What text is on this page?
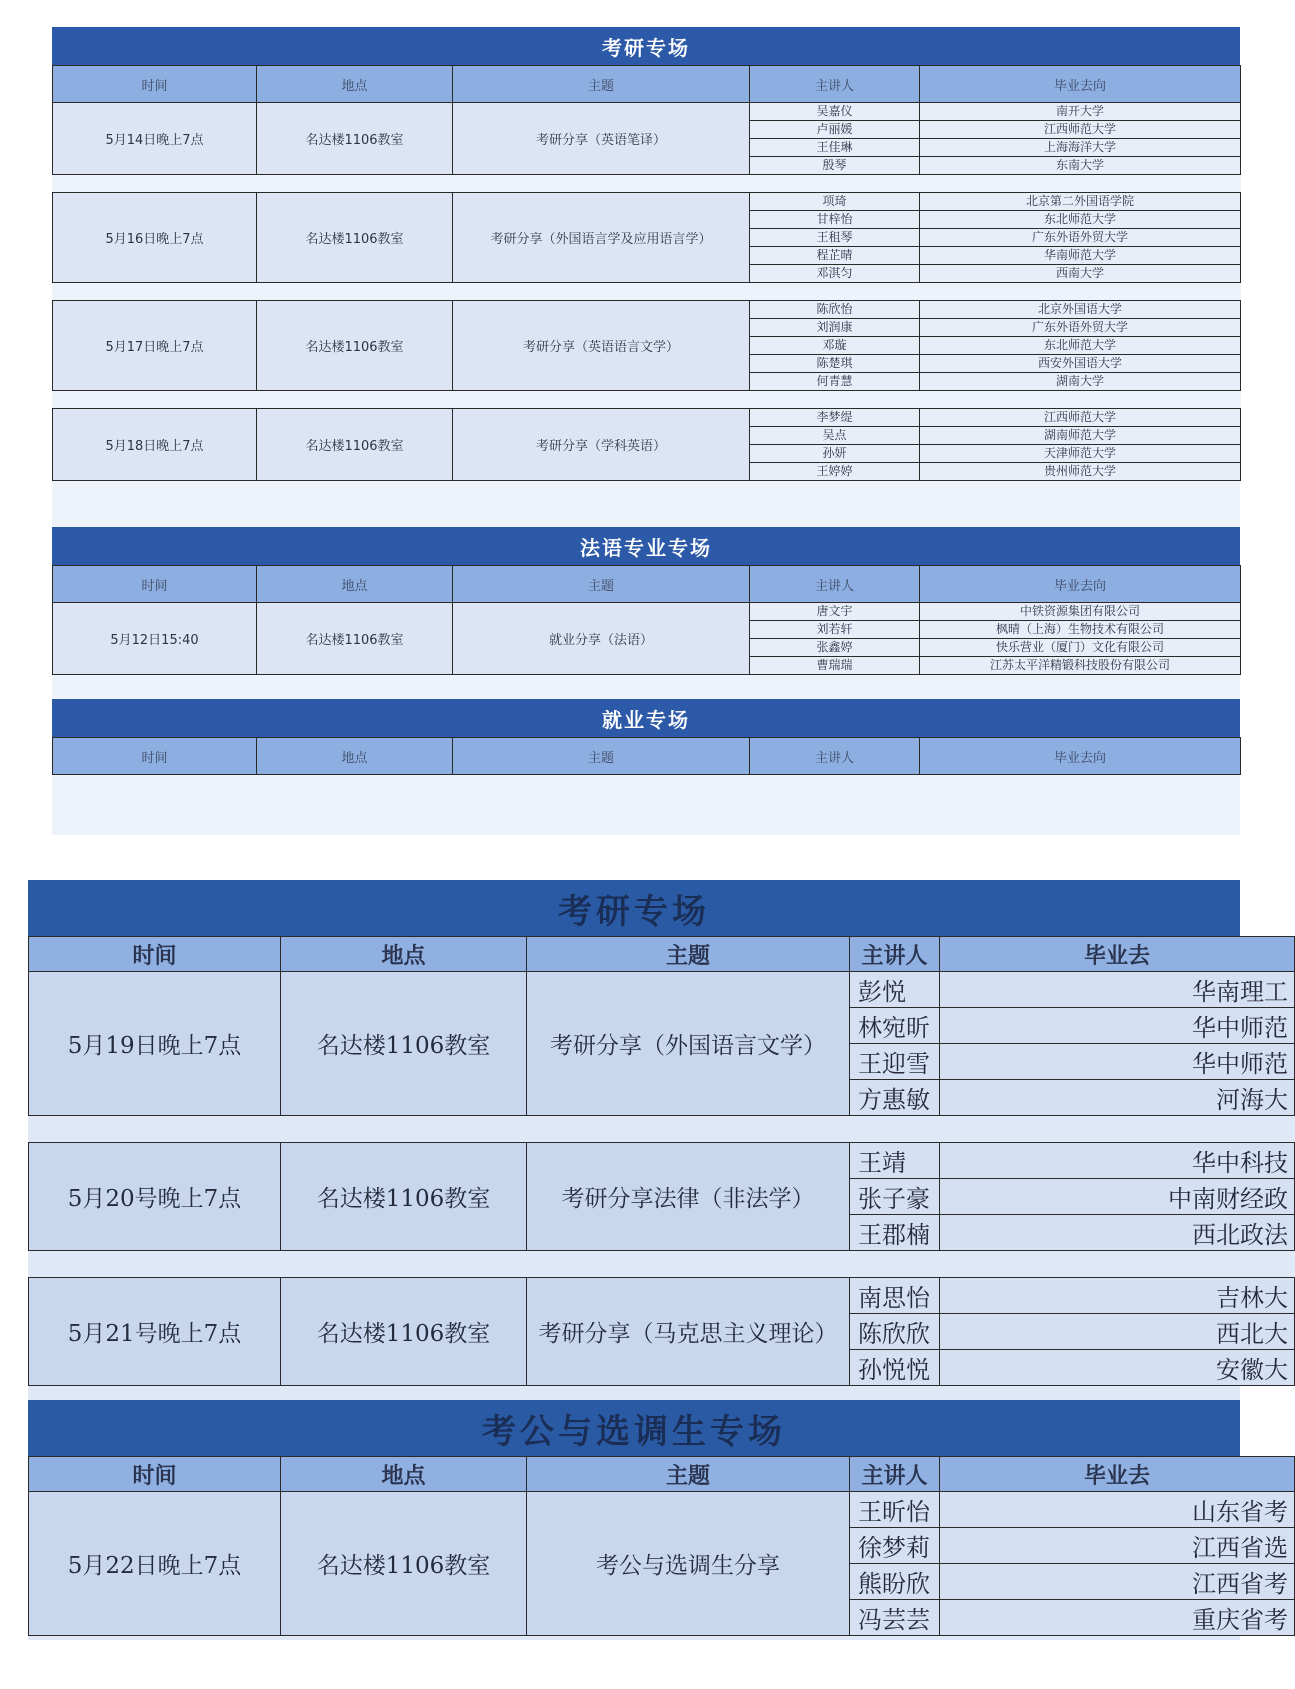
考研专场
时间	地点	主题	主讲人	毕业去向
5月14日晚上7点	名达楼1106教室	考研分享（英语笔译）	吴嘉仪	南开大学
			卢丽媛	江西师范大学
			王佳琳	上海海洋大学
			殷琴	东南大学

5月16日晚上7点	名达楼1106教室	考研分享（外国语言学及应用语言学）	项琦	北京第二外国语学院
			甘梓怡	东北师范大学
			王租琴	广东外语外贸大学
			程芷晴	华南师范大学
			邓淇匀	西南大学

5月17日晚上7点	名达楼1106教室	考研分享（英语语言文学）	陈欣怡	北京外国语大学
			刘润康	广东外语外贸大学
			邓璇	东北师范大学
			陈楚琪	西安外国语大学
			何青慧	湖南大学

5月18日晚上7点	名达楼1106教室	考研分享（学科英语）	李梦缇	江西师范大学
			吴点	湖南师范大学
			孙妍	天津师范大学
			王婷婷	贵州师范大学
法语专业专场
时间	地点	主题	主讲人	毕业去向
5月12日15:40	名达楼1106教室	就业分享（法语）	唐文宇	中铁资源集团有限公司
			刘若轩	枫晴（上海）生物技术有限公司
			张鑫婷	快乐营业（厦门）文化有限公司
			曹瑞瑞	江苏太平洋精锻科技股份有限公司
就业专场
时间	地点	主题	主讲人	毕业去向
考研专场
时间	地点	主题	主讲人	毕业去
5月19日晚上7点	名达楼1106教室	考研分享（外国语言文学）	彭悦	华南理工
			林宛昕	华中师范
			王迎雪	华中师范
			方惠敏	河海大

5月20号晚上7点	名达楼1106教室	考研分享法律（非法学）	王靖	华中科技
			张子豪	中南财经政
			王郡楠	西北政法

5月21号晚上7点	名达楼1106教室	考研分享（马克思主义理论）	南思怡	吉林大
			陈欣欣	西北大
			孙悦悦	安徽大
考公与选调生专场
时间	地点	主题	主讲人	毕业去
5月22日晚上7点	名达楼1106教室	考公与选调生分享	王昕怡	山东省考
			徐梦莉	江西省选
			熊盼欣	江西省考
			冯芸芸	重庆省考
